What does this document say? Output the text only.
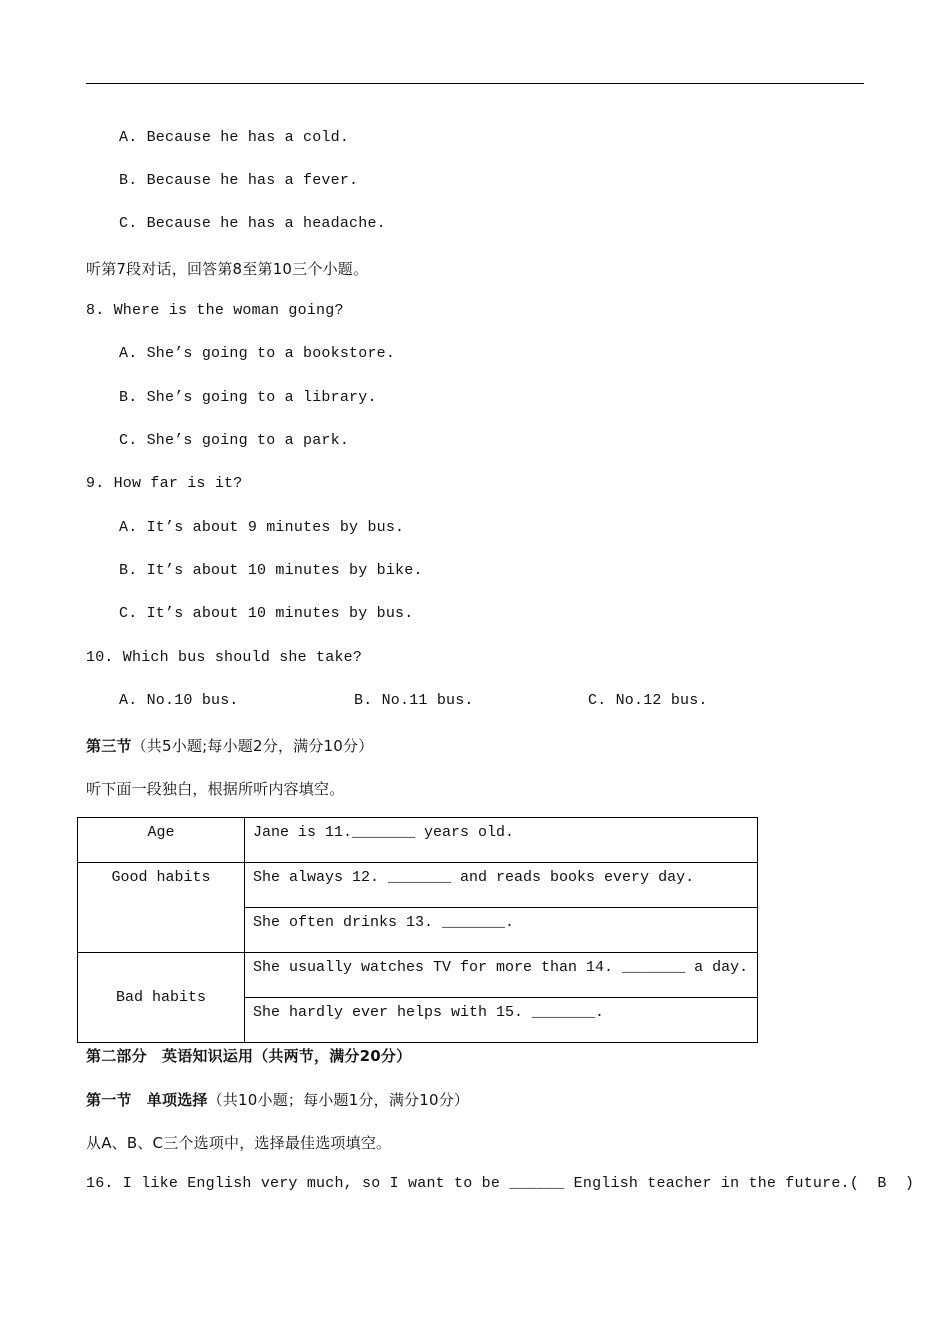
A. Because he has a cold.
B. Because he has a fever.
C. Because he has a headache.
听第7段对话，回答第8至第10三个小题。
8. Where is the woman going?
A. She’s going to a bookstore.
B. She’s going to a library.
C. She’s going to a park.
9. How far is it?
A. It’s about 9 minutes by bus.
B. It’s about 10 minutes by bike.
C. It’s about 10 minutes by bus.
10. Which bus should she take?
A. No.10 bus.	B. No.11 bus.	C. No.12 bus.
第三节（共5小题;每小题2分，满分10分）
听下面一段独白，根据所听内容填空。
Age	Jane is 11._______ years old.
Good habits	She always 12. _______ and reads books every day.
	She often drinks 13. _______.
Bad habits	She usually watches TV for more than 14. _______ a day.
	She hardly ever helps with 15. _______.
第二部分　英语知识运用（共两节，满分20分）
第一节　单项选择（共10小题；每小题1分，满分10分）
从A、B、C三个选项中，选择最佳选项填空。
16. I like English very much, so I want to be ______ English teacher in the future.(  B  )
